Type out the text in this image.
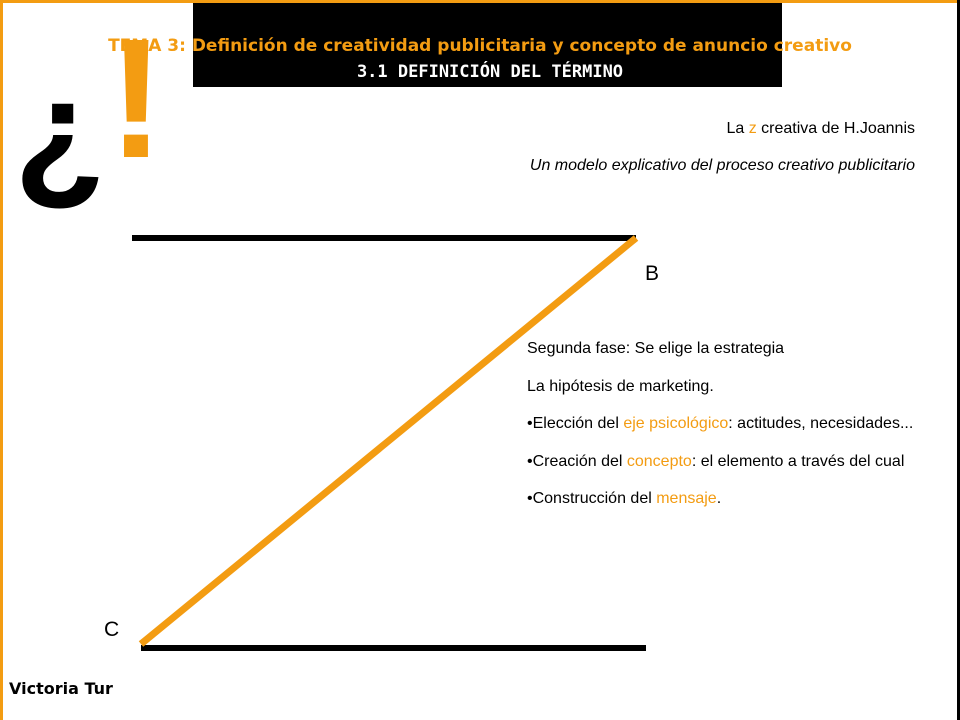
TEMA 3: Definición de creatividad publicitaria y concepto de anuncio creativo
3.1 DEFINICIÓN DEL TÉRMINO
¿ !	La z creativa de H.Joannis
Un modelo explicativo del proceso creativo publicitario
B
C
Segunda fase: Se elige la estrategia
La hipótesis de marketing.
•Elección del eje psicológico: actitudes, necesidades...
•Creación del concepto: el elemento a través del cual
•Construcción del mensaje.
Victoria Tur
